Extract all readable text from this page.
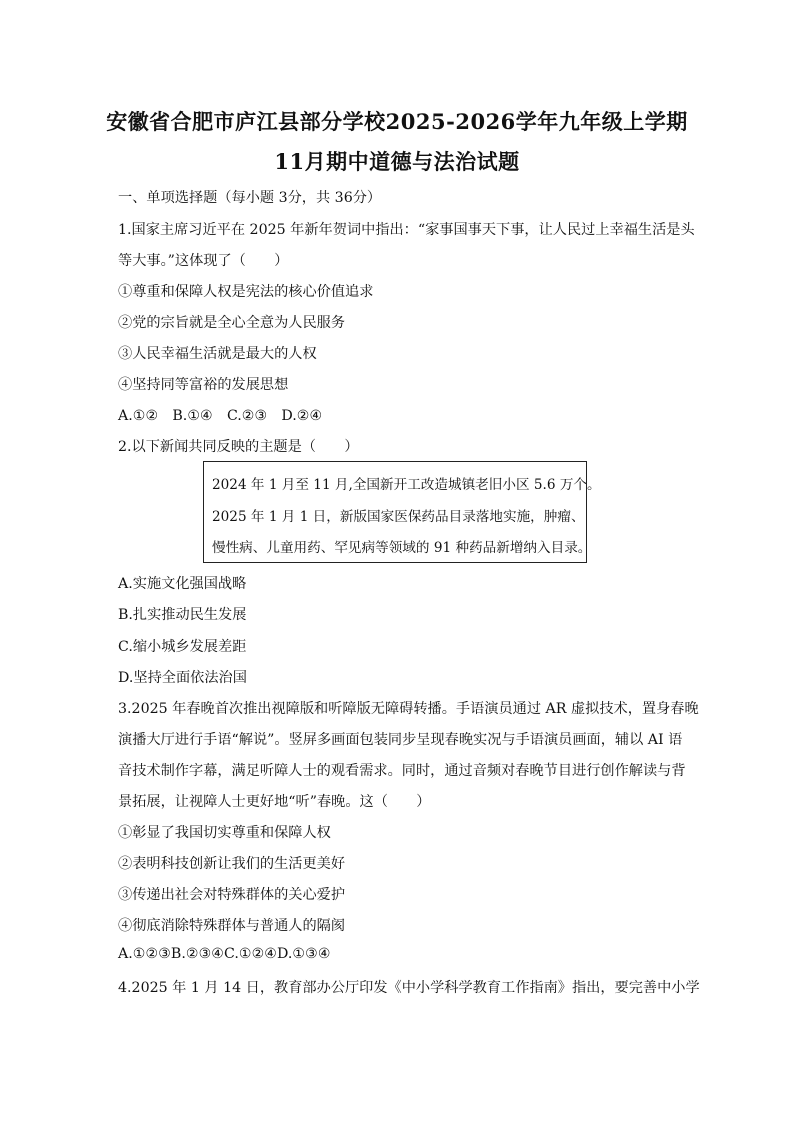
安徽省合肥市庐江县部分学校2025-2026学年九年级上学期
11月期中道德与法治试题
一、单项选择题（每小题 3分，共 36分）
1.国家主席习近平在 2025 年新年贺词中指出：“家事国事天下事，让人民过上幸福生活是头
等大事。”这体现了（　　）
①尊重和保障人权是宪法的核心价值追求
②党的宗旨就是全心全意为人民服务
③人民幸福生活就是最大的人权
④坚持同等富裕的发展思想
A.①②　B.①④　C.②③　D.②④
2.以下新闻共同反映的主题是（　　）
2024 年 1 月至 11 月,全国新开工改造城镇老旧小区 5.6 万个。
2025 年 1 月 1 日，新版国家医保药品目录落地实施，肿瘤、
慢性病、儿童用药、罕见病等领域的 91 种药品新增纳入目录。
A.实施文化强国战略
B.扎实推动民生发展
C.缩小城乡发展差距
D.坚持全面依法治国
3.2025 年春晚首次推出视障版和听障版无障碍转播。手语演员通过 AR 虚拟技术，置身春晚
演播大厅进行手语“解说”。竖屏多画面包装同步呈现春晚实况与手语演员画面，辅以 AI 语
音技术制作字幕，满足听障人士的观看需求。同时，通过音频对春晚节目进行创作解读与背
景拓展，让视障人士更好地“听”春晚。这（　　）
①彰显了我国切实尊重和保障人权
②表明科技创新让我们的生活更美好
③传递出社会对特殊群体的关心爱护
④彻底消除特殊群体与普通人的隔阂
A.①②③B.②③④C.①②④D.①③④
4.2025 年 1 月 14 日，教育部办公厅印发《中小学科学教育工作指南》指出，要完善中小学
